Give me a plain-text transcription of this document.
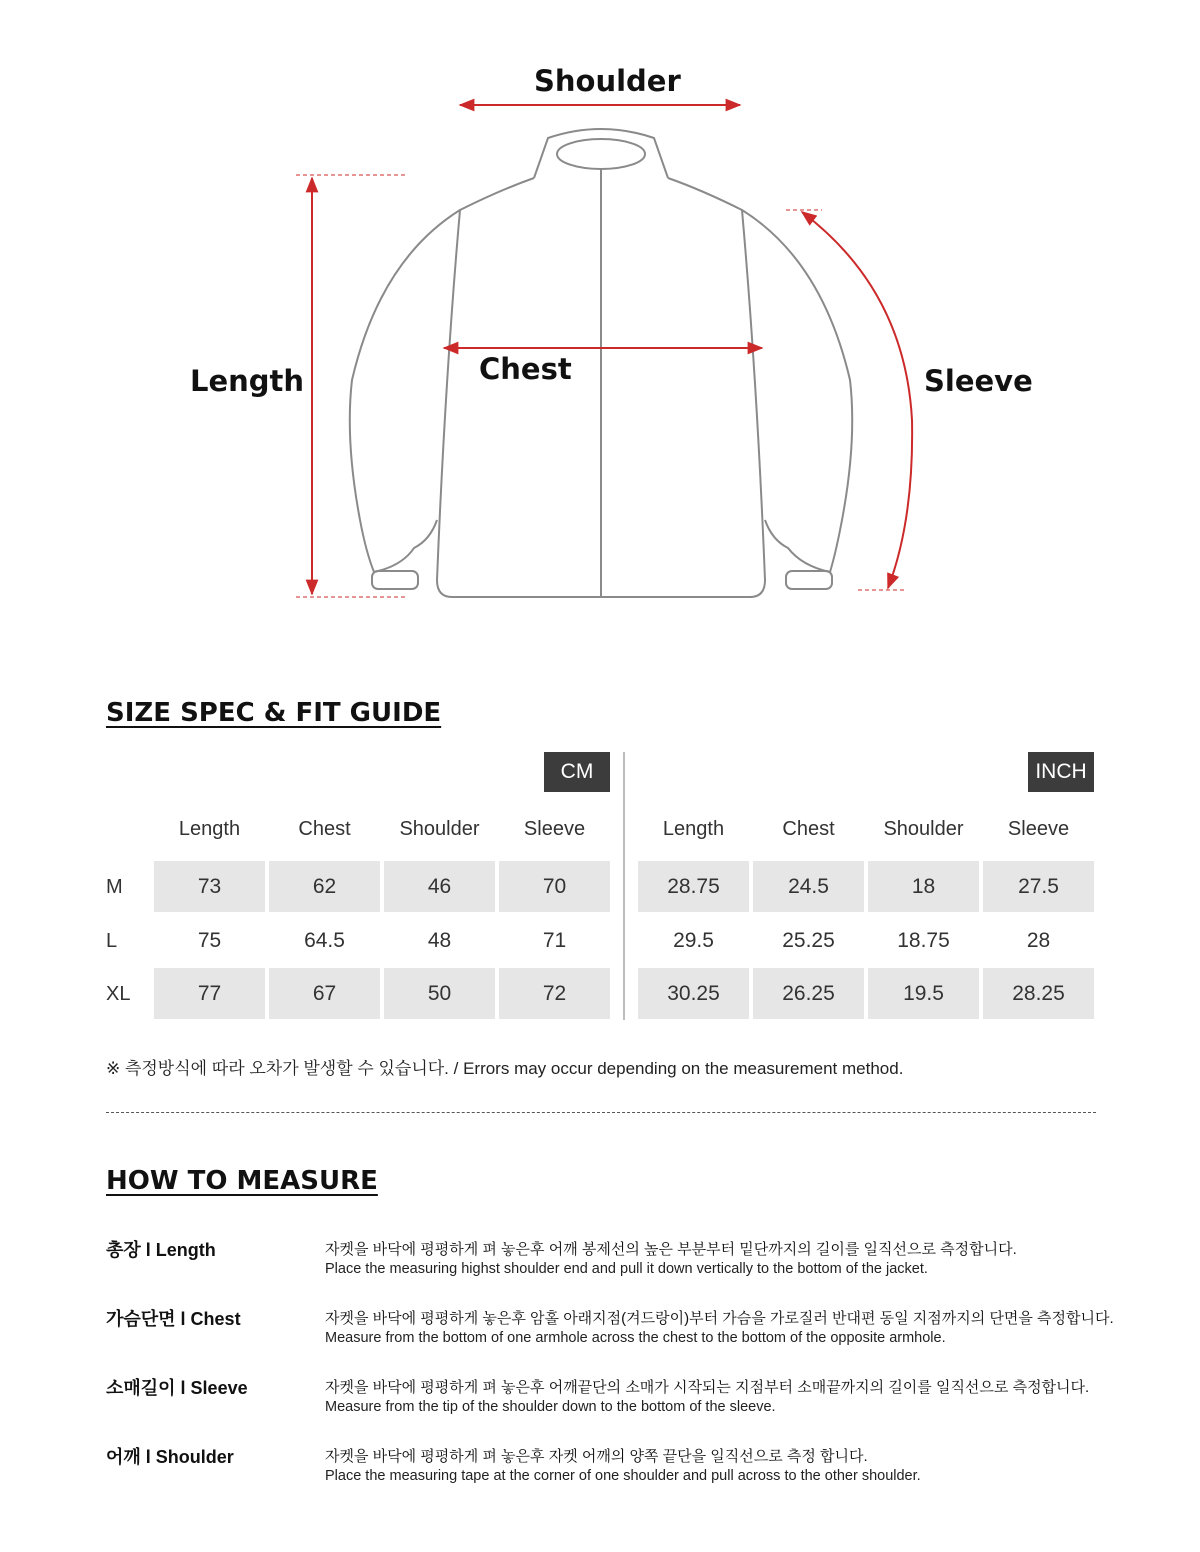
Shoulder
Length	Chest	Sleeve
SIZE SPEC & FIT GUIDE
CM	INCH
Length	Chest	Shoulder	Sleeve	Length	Chest	Shoulder	Sleeve
M	73	62	46	70	28.75	24.5	18	27.5
L	75	64.5	48	71	29.5	25.25	18.75	28
XL	77	67	50	72	30.25	26.25	19.5	28.25
※ 측정방식에 따라 오차가 발생할 수 있습니다. / Errors may occur depending on the measurement method.
HOW TO MEASURE
총장 l Length	자켓을 바닥에 평평하게 펴 놓은후 어깨 봉제선의 높은 부분부터 밑단까지의 길이를 일직선으로 측정합니다.
Place the measuring highst shoulder end and pull it down vertically to the bottom of the jacket.
가슴단면 l Chest	자켓을 바닥에 평평하게 놓은후 암홀 아래지점(겨드랑이)부터 가슴을 가로질러 반대편 동일 지점까지의 단면을 측정합니다.
Measure from the bottom of one armhole across the chest to the bottom of the opposite armhole.
소매길이 l Sleeve	자켓을 바닥에 평평하게 펴 놓은후 어깨끝단의 소매가 시작되는 지점부터 소매끝까지의 길이를 일직선으로 측정합니다.
Measure from the tip of the shoulder down to the bottom of the sleeve.
어깨 l Shoulder	자켓을 바닥에 평평하게 펴 놓은후 자켓 어깨의 양쪽 끝단을 일직선으로 측정 합니다.
Place the measuring tape at the corner of one shoulder and pull across to the other shoulder.
